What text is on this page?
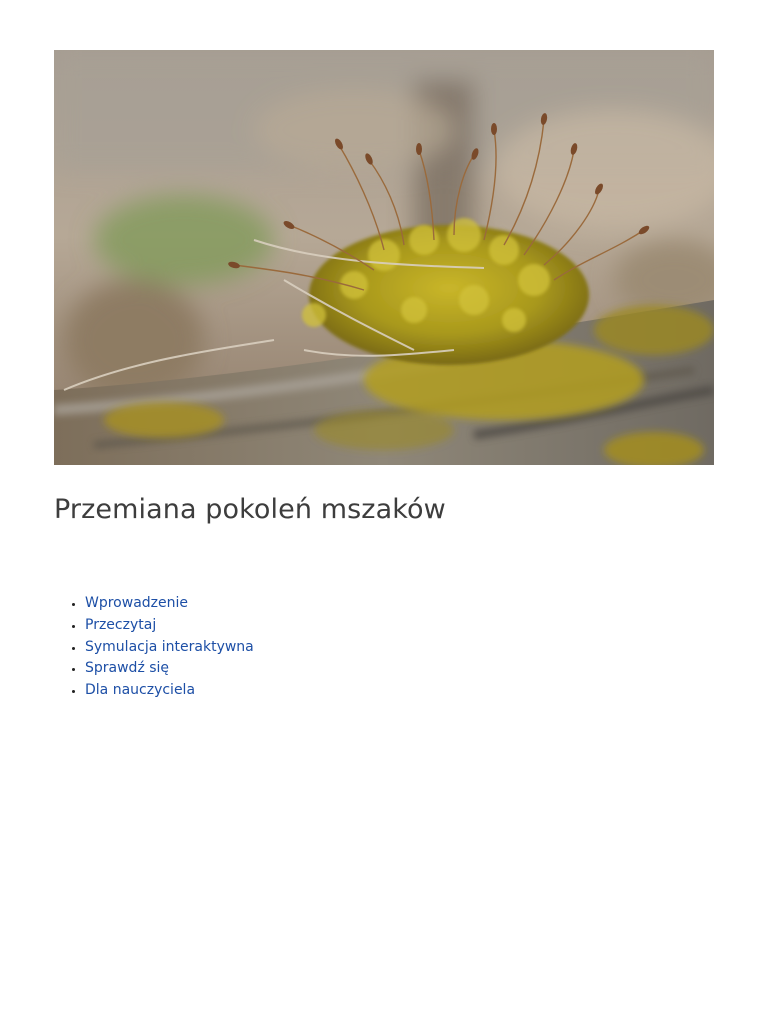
Przemiana pokoleń mszaków
• Wprowadzenie
• Przeczytaj
• Symulacja interaktywna
• Sprawdź się
• Dla nauczyciela
